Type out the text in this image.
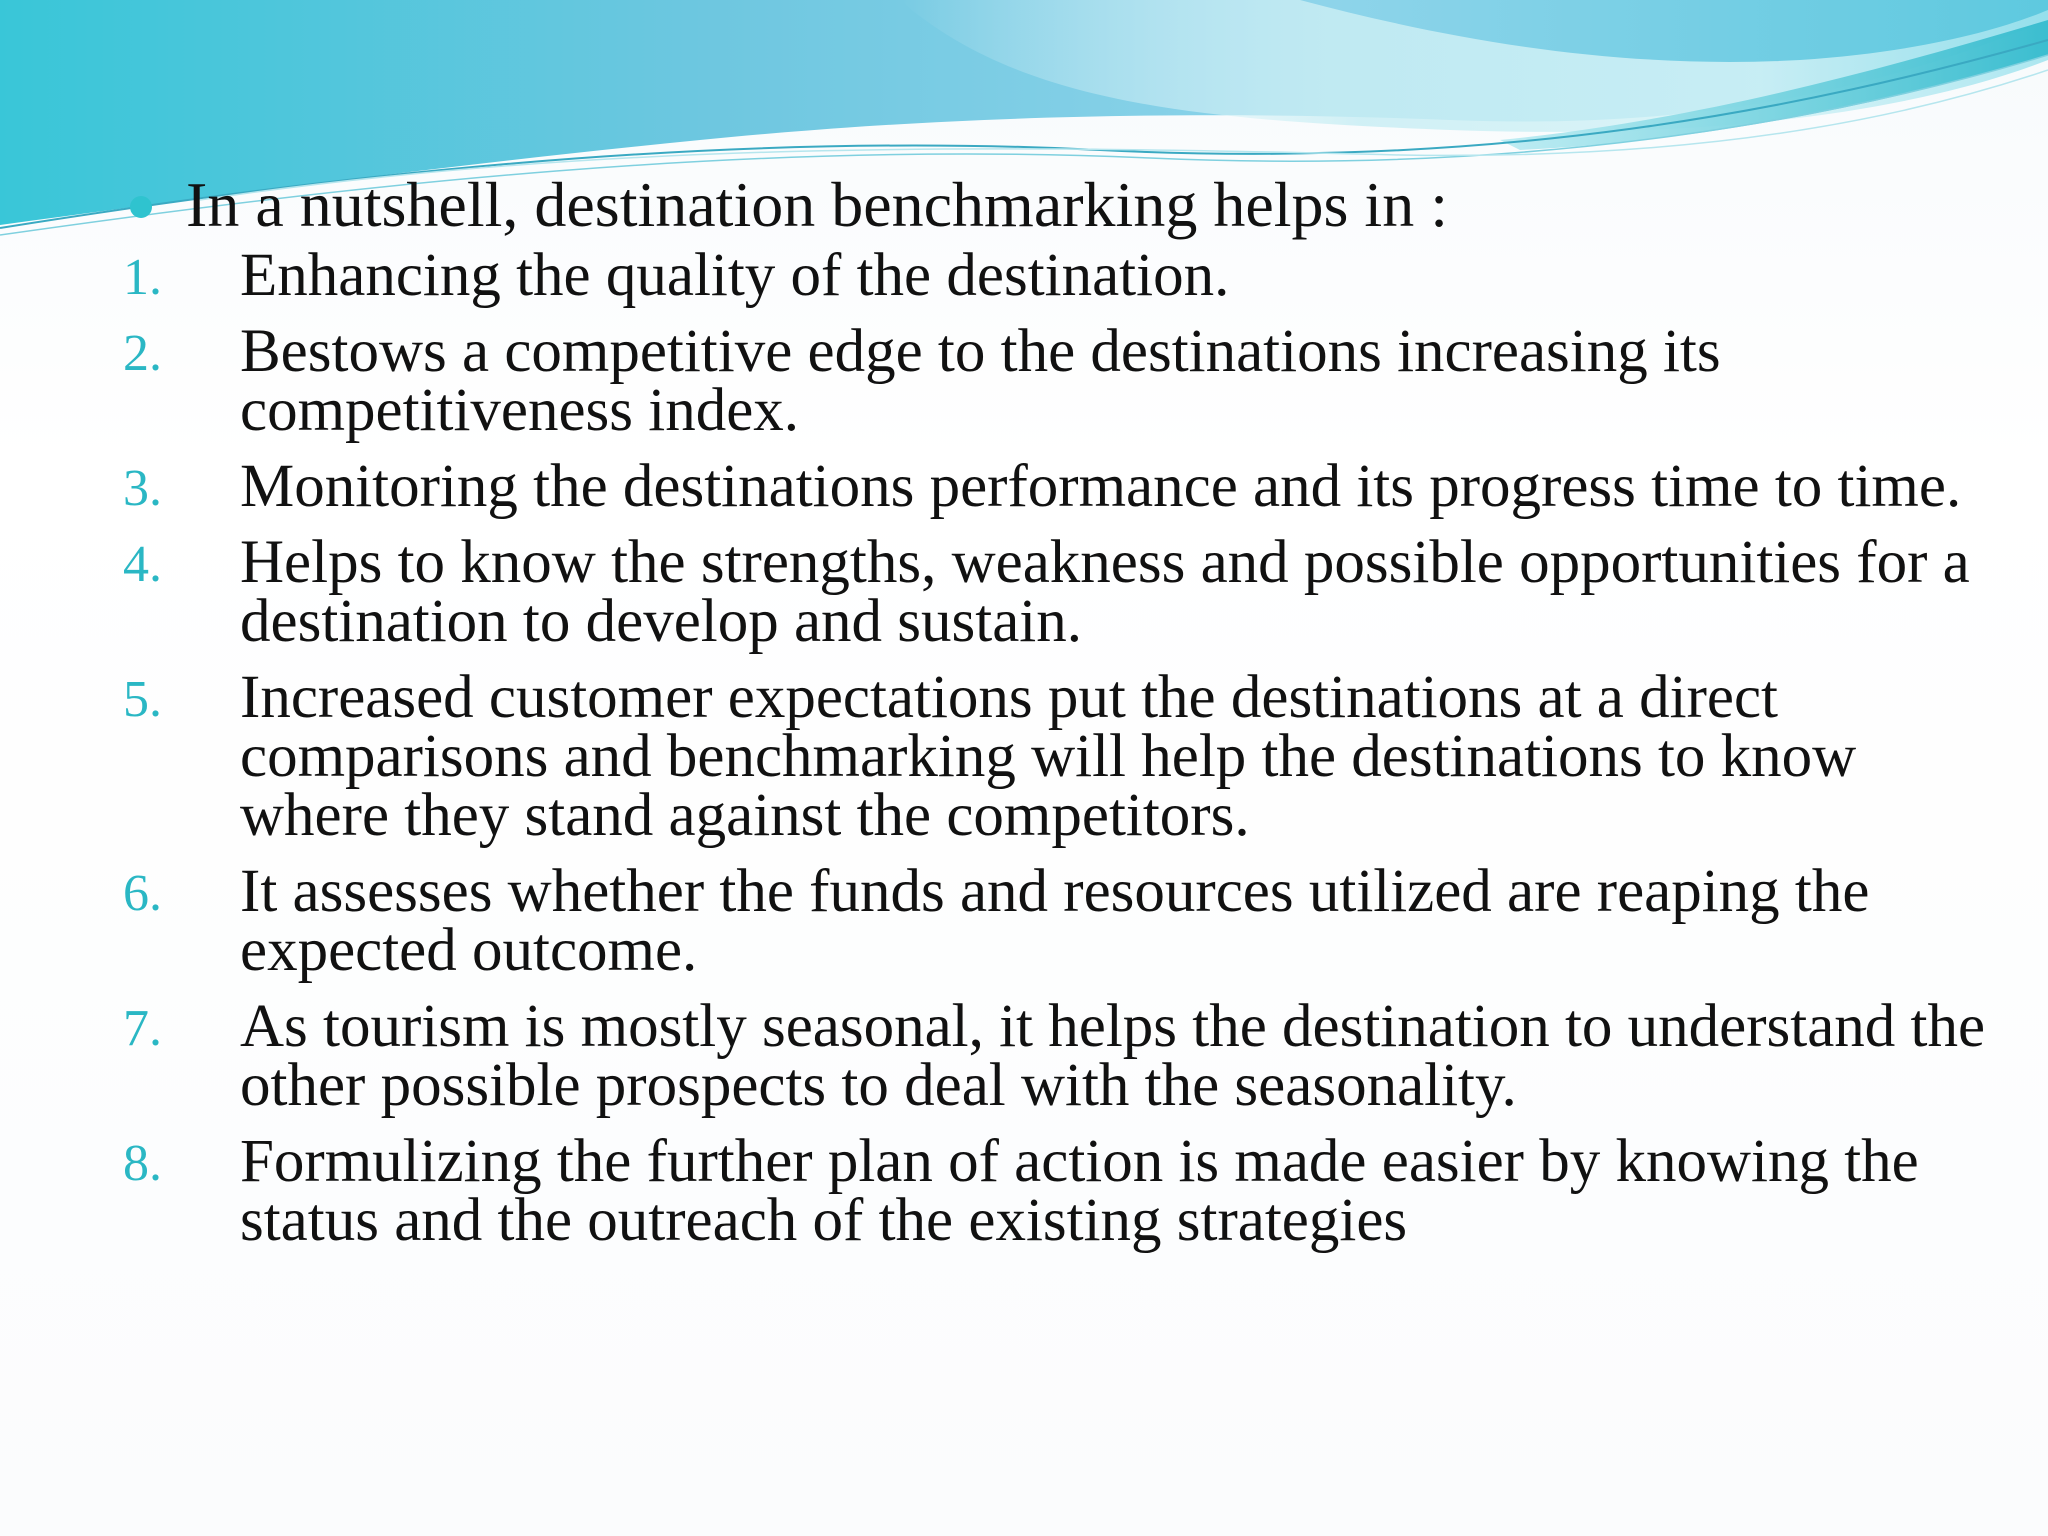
In a nutshell, destination benchmarking helps in :
1. Enhancing the quality of the destination.
2. Bestows a competitive edge to the destinations increasing its competitiveness index.
3. Monitoring the destinations performance and its progress time to time.
4. Helps to know the strengths, weakness and possible opportunities for a destination to develop and sustain.
5. Increased customer expectations put the destinations at a direct comparisons and benchmarking will help the destinations to know where they stand against the competitors.
6. It assesses whether the funds and resources utilized are reaping the expected outcome.
7. As tourism is mostly seasonal, it helps the destination to understand the other possible prospects to deal with the seasonality.
8. Formulizing the further plan of action is made easier by knowing the status and the outreach of the existing strategies
